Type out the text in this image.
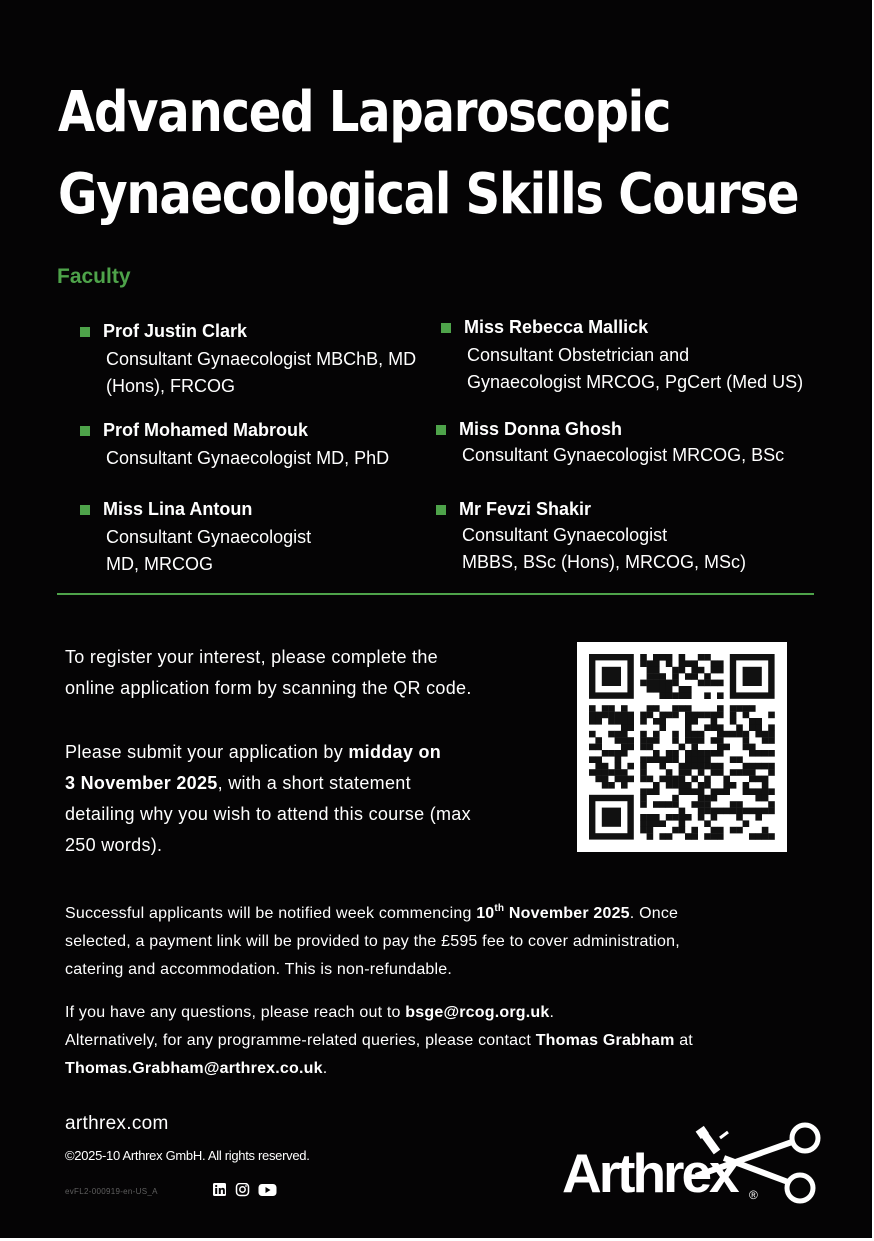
Advanced Laparoscopic
Gynaecological Skills Course
Faculty
Prof Justin Clark
Consultant Gynaecologist MBChB, MD
(Hons), FRCOG
Miss Rebecca Mallick
Consultant Obstetrician and
Gynaecologist MRCOG, PgCert (Med US)
Prof Mohamed Mabrouk
Consultant Gynaecologist MD, PhD
Miss Donna Ghosh
Consultant Gynaecologist MRCOG, BSc
Miss Lina Antoun
Consultant Gynaecologist
MD, MRCOG
Mr Fevzi Shakir
Consultant Gynaecologist
MBBS, BSc (Hons), MRCOG, MSc)
To register your interest, please complete the
online application form by scanning the QR code.
Please submit your application by midday on
3 November 2025, with a short statement
detailing why you wish to attend this course (max
250 words).
Successful applicants will be notified week commencing 10th November 2025. Once
selected, a payment link will be provided to pay the £595 fee to cover administration,
catering and accommodation. This is non-refundable.
If you have any questions, please reach out to bsge@rcog.org.uk.
Alternatively, for any programme-related queries, please contact Thomas Grabham at
Thomas.Grabham@arthrex.co.uk.
arthrex.com
©2025-10 Arthrex GmbH. All rights reserved.
evFL2-000919-en-US_A	Arthrex ®
